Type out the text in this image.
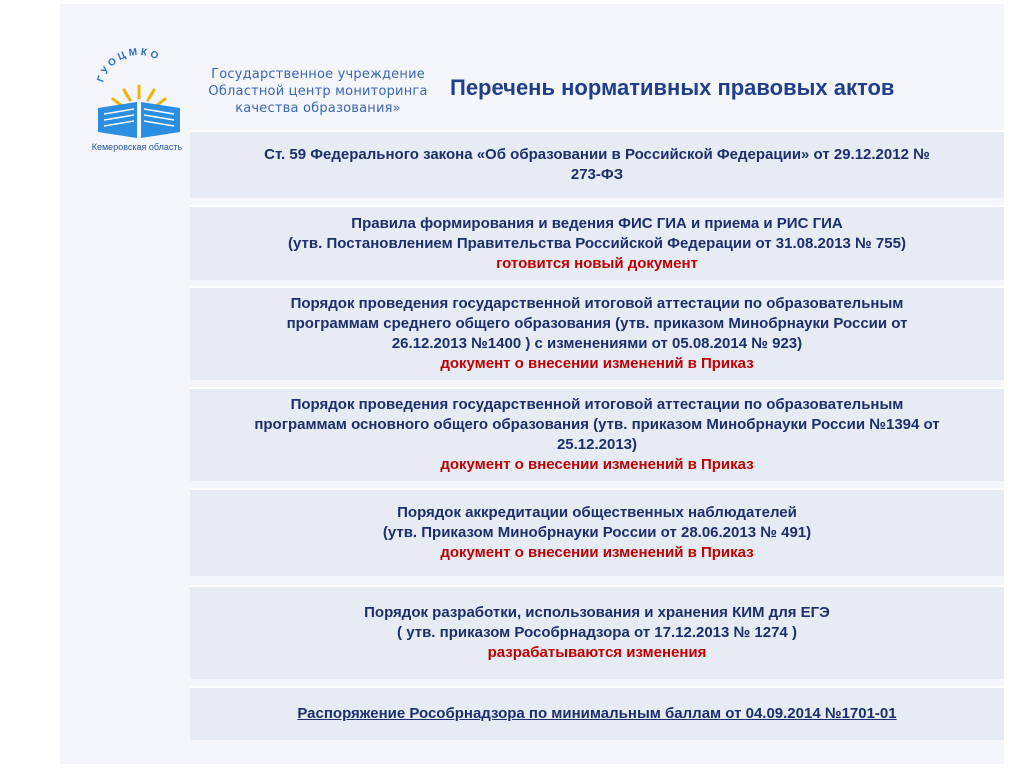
ГУОЦМКО
Кемеровская область
Государственное учреждение
Областной центр мониторинга
качества образования»
Перечень нормативных правовых актов
Ст. 59 Федерального закона «Об образовании в Российской Федерации» от 29.12.2012 №
273-ФЗ
Правила формирования и ведения ФИС ГИА и приема и РИС ГИА
(утв. Постановлением Правительства Российской Федерации от 31.08.2013 № 755)
готовится новый документ
Порядок проведения государственной итоговой аттестации по образовательным
программам среднего общего образования (утв. приказом Минобрнауки России от
26.12.2013 №1400 ) с изменениями от 05.08.2014 № 923)
документ о внесении изменений в Приказ
Порядок проведения государственной итоговой аттестации по образовательным
программам основного общего образования (утв. приказом Минобрнауки России №1394 от
25.12.2013)
документ о внесении изменений в Приказ
Порядок аккредитации общественных наблюдателей
(утв. Приказом Минобрнауки России от 28.06.2013 № 491)
документ о внесении изменений в Приказ
Порядок разработки, использования и хранения КИМ для ЕГЭ
( утв. приказом Рособрнадзора от 17.12.2013 № 1274 )
разрабатываются изменения
Распоряжение Рособрнадзора по минимальным баллам от 04.09.2014 №1701-01
